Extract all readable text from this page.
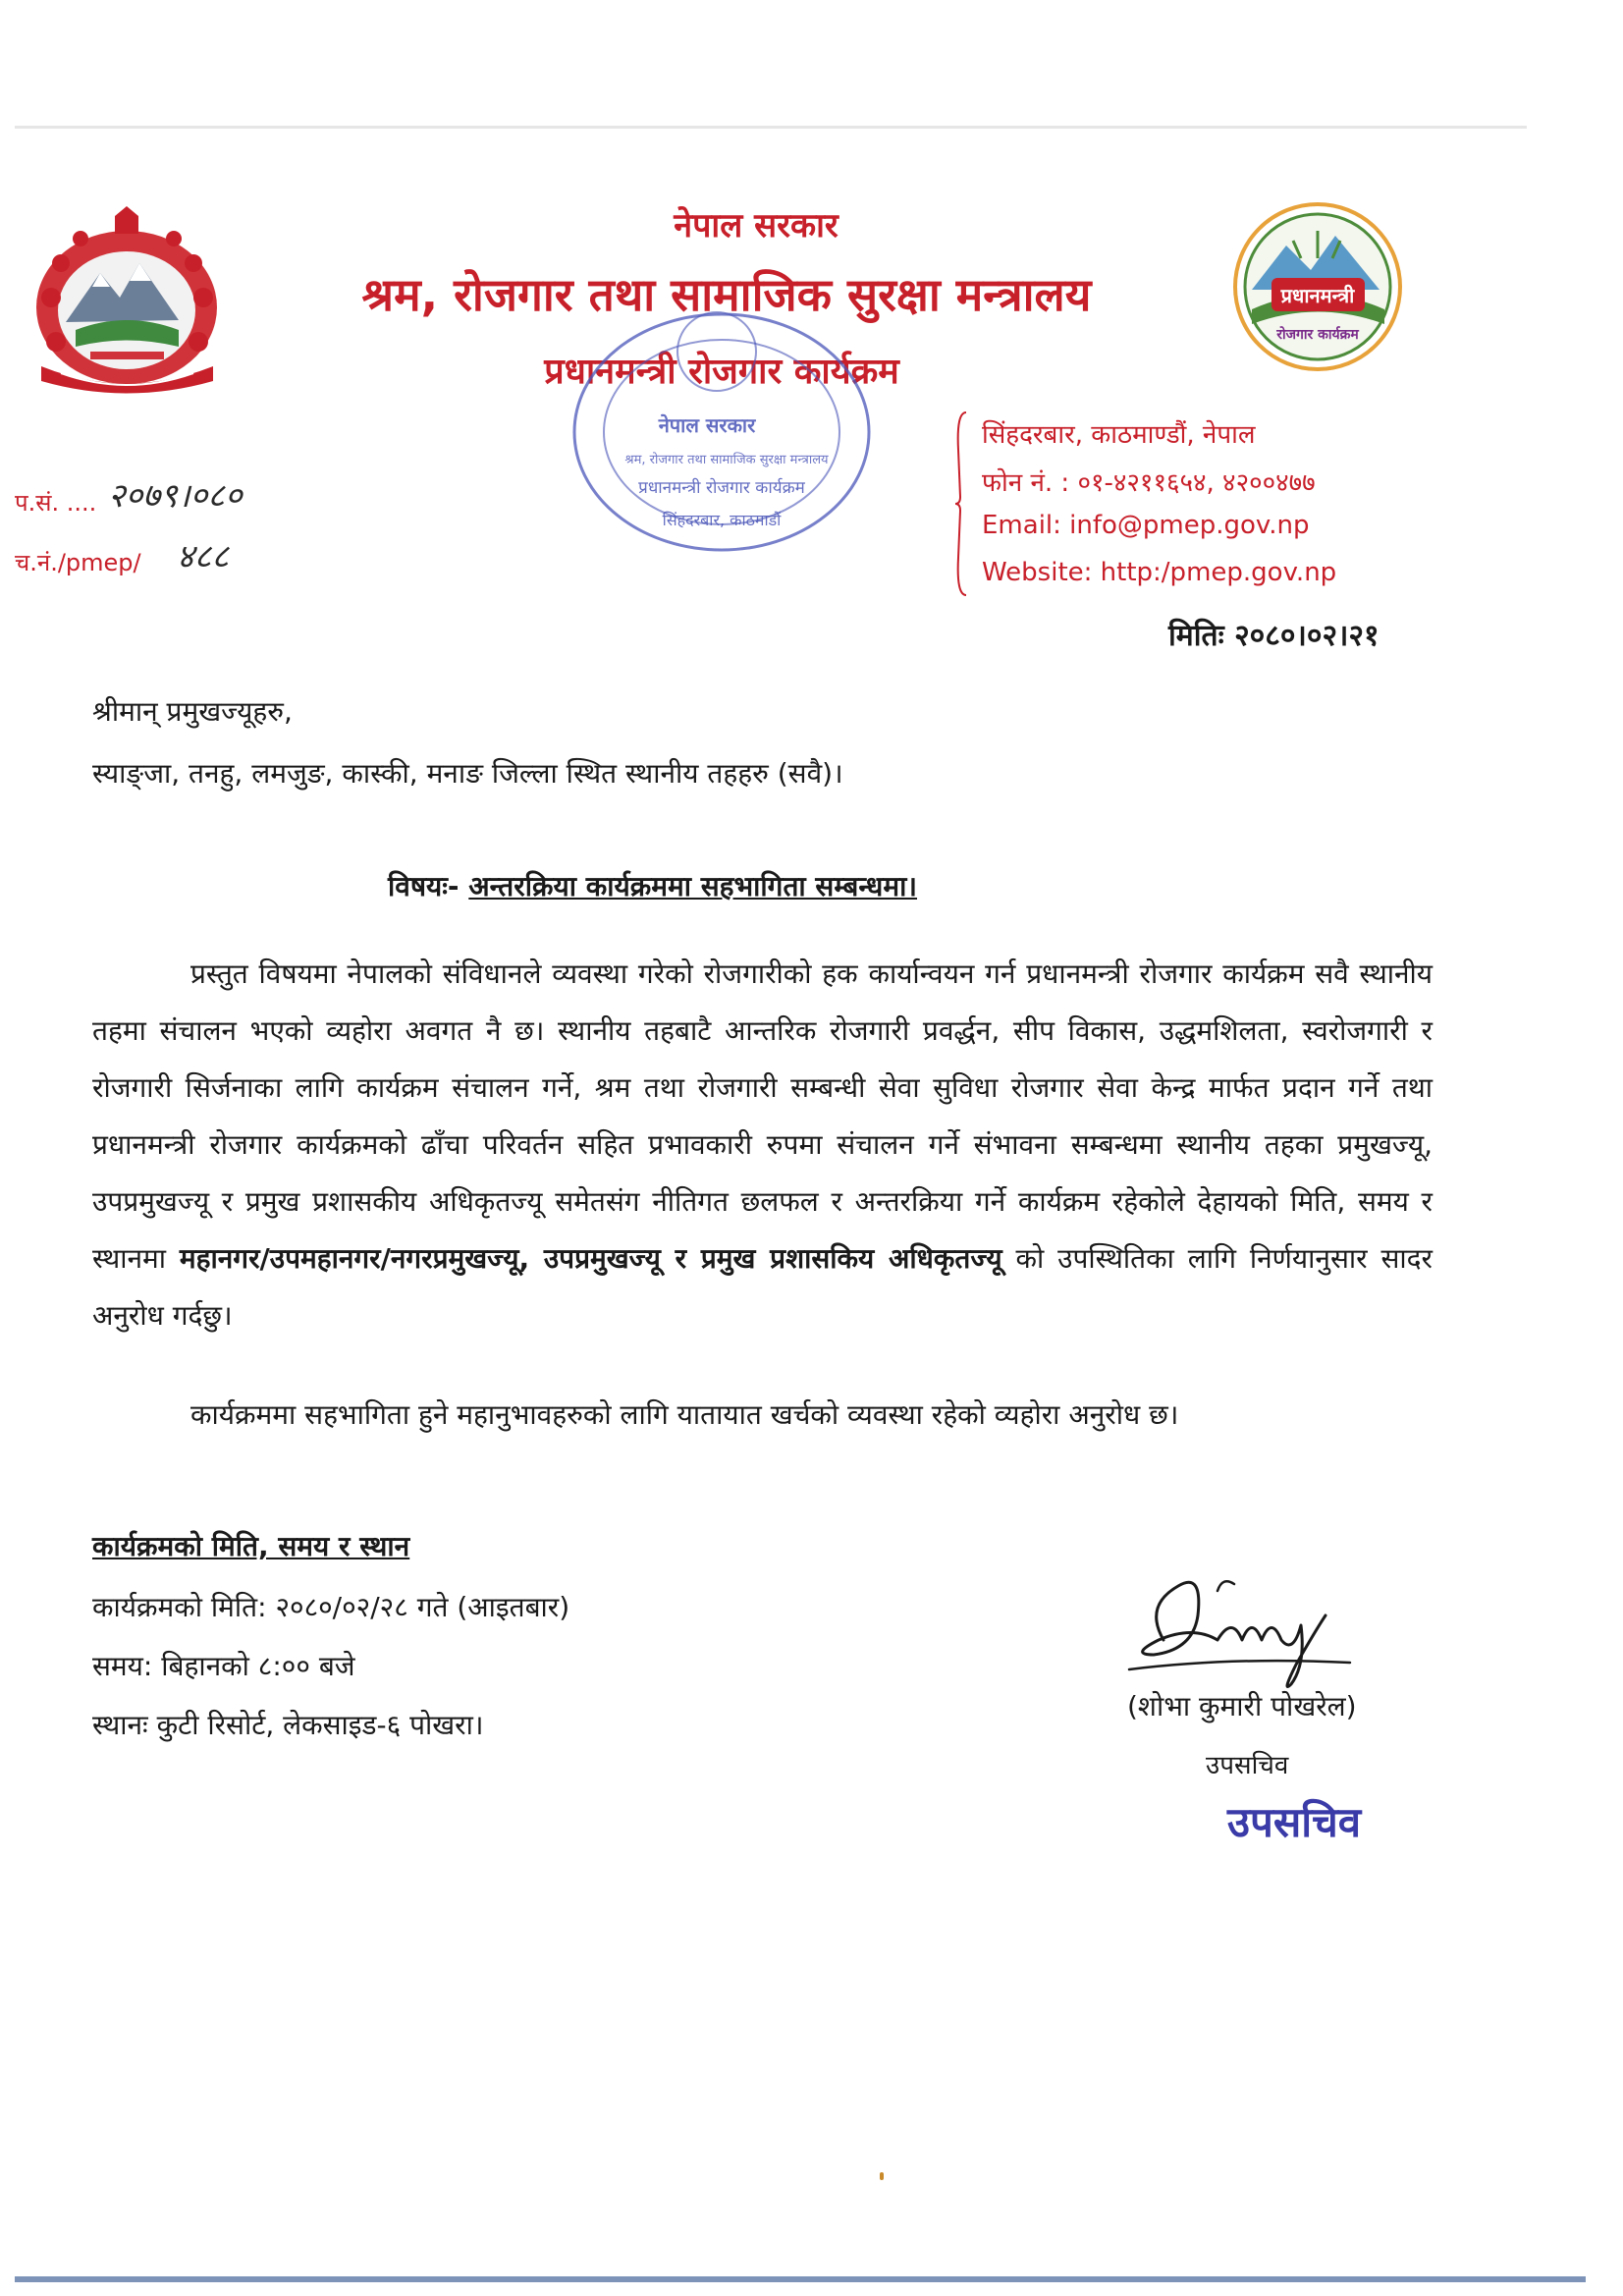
नेपाल सरकार
श्रम, रोजगार तथा सामाजिक सुरक्षा मन्त्रालय
प्रधानमन्त्री रोजगार कार्यक्रम
प्रधानमन्त्री
रोजगार कार्यक्रम
नेपाल सरकार
श्रम, रोजगार तथा सामाजिक सुरक्षा मन्त्रालय
प्रधानमन्त्री रोजगार कार्यक्रम
सिंहदरबार, काठमाडौं
सिंहदरबार, काठमाण्डौं, नेपाल
फोन नं. : ०१-४२११६५४, ४२००४७७
Email: info@pmep.gov.np
Website: http:/pmep.gov.np
प.सं. .... २०७९।०८०
च.नं./pmep/ ४८८
मितिः २०८०।०२।२१
श्रीमान् प्रमुखज्यूहरु,
स्याङ्जा, तनहु, लमजुङ, कास्की, मनाङ जिल्ला स्थित स्थानीय तहहरु (सवै)।
विषयः- अन्तरक्रिया कार्यक्रममा सहभागिता सम्बन्धमा।
प्रस्तुत विषयमा नेपालको संविधानले व्यवस्था गरेको रोजगारीको हक कार्यान्वयन गर्न प्रधानमन्त्री रोजगार कार्यक्रम सवै स्थानीय तहमा संचालन भएको व्यहोरा अवगत नै छ। स्थानीय तहबाटै आन्तरिक रोजगारी प्रवर्द्धन, सीप विकास, उद्धमशिलता, स्वरोजगारी र रोजगारी सिर्जनाका लागि कार्यक्रम संचालन गर्ने, श्रम तथा रोजगारी सम्बन्धी सेवा सुविधा रोजगार सेवा केन्द्र मार्फत प्रदान गर्ने तथा प्रधानमन्त्री रोजगार कार्यक्रमको ढाँचा परिवर्तन सहित प्रभावकारी रुपमा संचालन गर्ने संभावना सम्बन्धमा स्थानीय तहका प्रमुखज्यू, उपप्रमुखज्यू र प्रमुख प्रशासकीय अधिकृतज्यू समेतसंग नीतिगत छलफल र अन्तरक्रिया गर्ने कार्यक्रम रहेकोले देहायको मिति, समय र स्थानमा महानगर/उपमहानगर/नगरप्रमुखज्यू, उपप्रमुखज्यू र प्रमुख प्रशासकिय अधिकृतज्यू को उपस्थितिका लागि निर्णयानुसार सादर अनुरोध गर्दछु।
कार्यक्रममा सहभागिता हुने महानुभावहरुको लागि यातायात खर्चको व्यवस्था रहेको व्यहोरा अनुरोध छ।
कार्यक्रमको मिति, समय र स्थान
कार्यक्रमको मिति: २०८०/०२/२८ गते (आइतबार)
समय: बिहानको ८:०० बजे
स्थानः कुटी रिसोर्ट, लेकसाइड-६ पोखरा।
(शोभा कुमारी पोखरेल)
उपसचिव
उपसचिव
